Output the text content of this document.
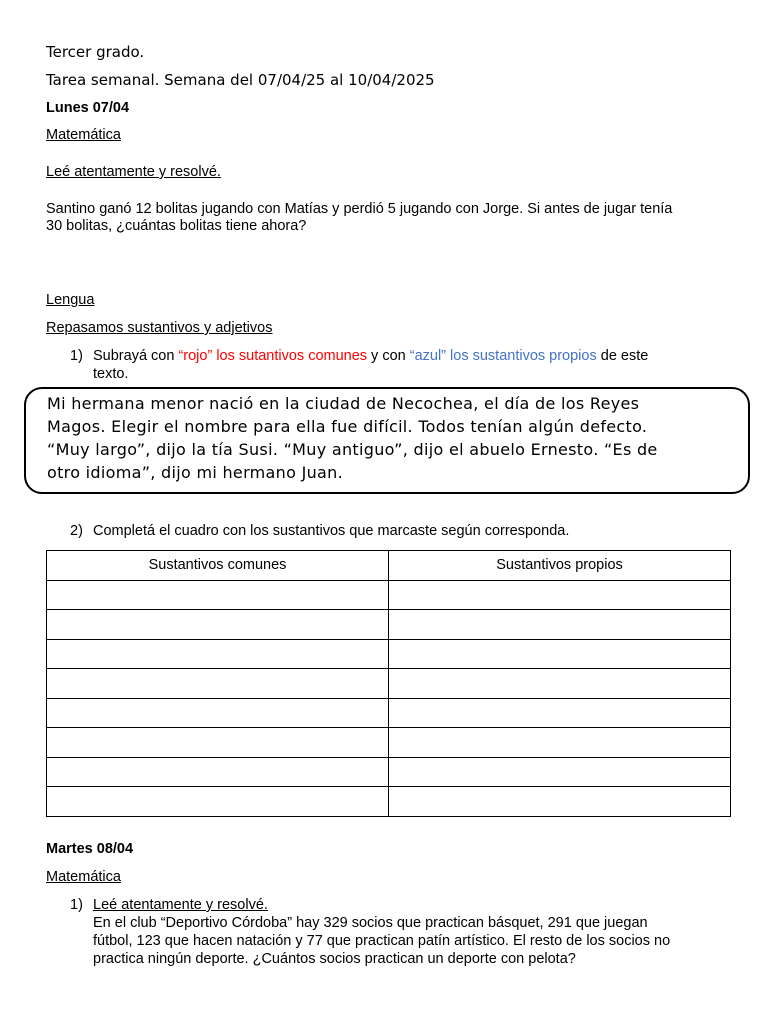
Tercer grado.
Tarea semanal. Semana del 07/04/25 al 10/04/2025
Lunes 07/04
Matemática
Leé atentamente y resolvé.
Santino ganó 12 bolitas jugando con Matías y perdió 5 jugando con Jorge. Si antes de jugar tenía
30 bolitas, ¿cuántas bolitas tiene ahora?
Lengua
Repasamos sustantivos y adjetivos
1) Subrayá con “rojo” los sutantivos comunes y con “azul” los sustantivos propios de este
texto.
Mi hermana menor nació en la ciudad de Necochea, el día de los Reyes
Magos. Elegir el nombre para ella fue difícil. Todos tenían algún defecto.
“Muy largo”, dijo la tía Susi. “Muy antiguo”, dijo el abuelo Ernesto. “Es de
otro idioma”, dijo mi hermano Juan.
2) Completá el cuadro con los sustantivos que marcaste según corresponda.
Sustantivos comunes	Sustantivos propios

Martes 08/04
Matemática
1) Leé atentamente y resolvé.
En el club “Deportivo Córdoba” hay 329 socios que practican básquet, 291 que juegan
fútbol, 123 que hacen natación y 77 que practican patín artístico. El resto de los socios no
practica ningún deporte. ¿Cuántos socios practican un deporte con pelota?
